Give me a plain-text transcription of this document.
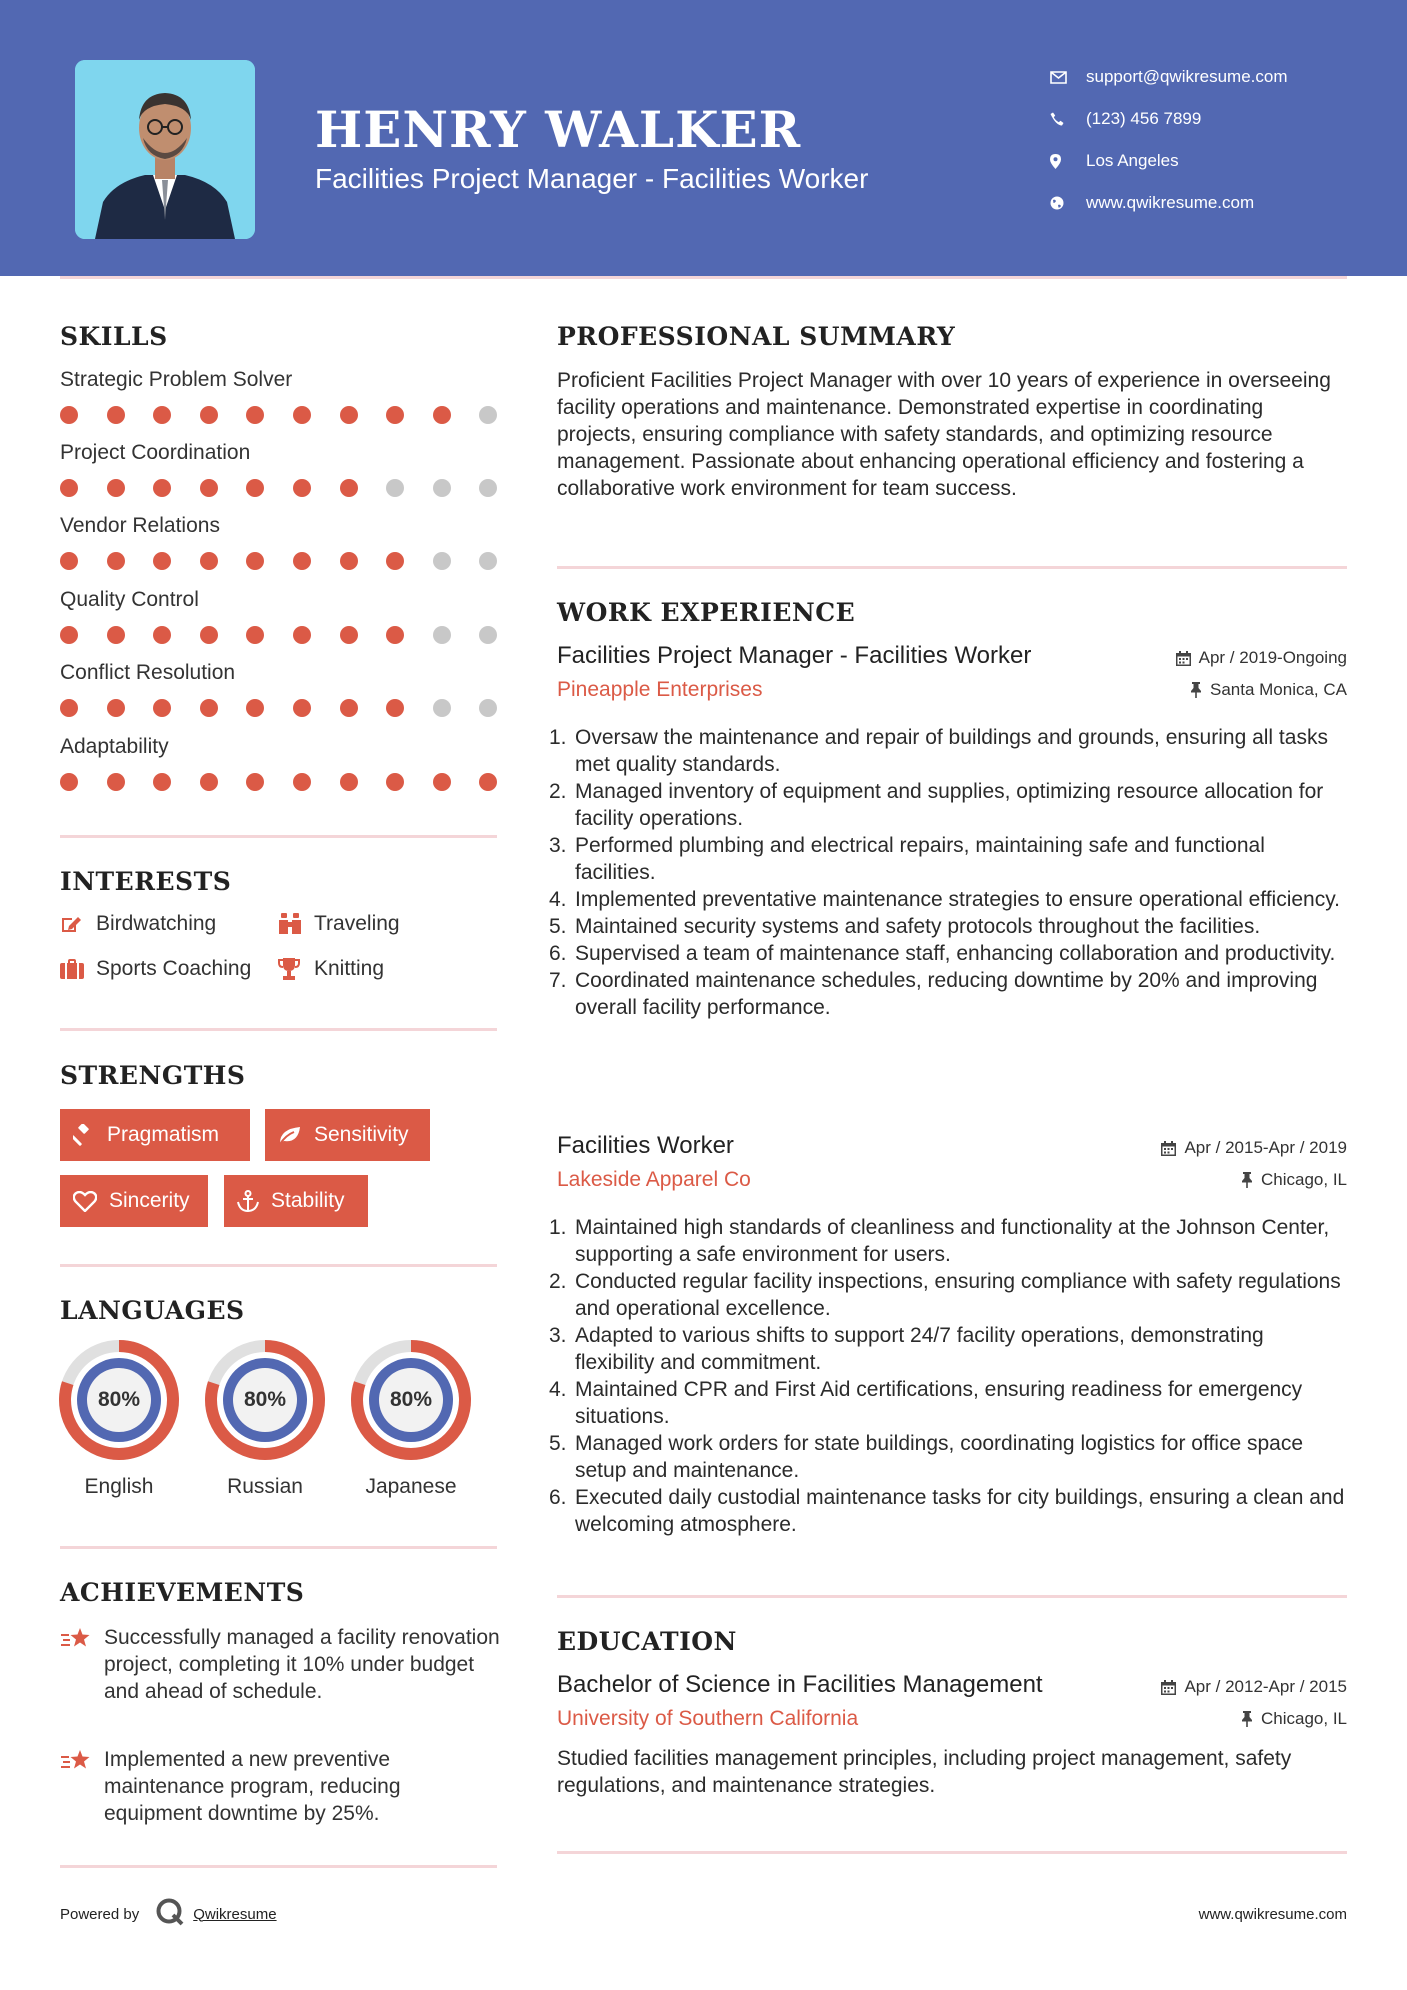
HENRY WALKER
Facilities Project Manager - Facilities Worker
support@qwikresume.com
(123) 456 7899
Los Angeles
www.qwikresume.com
SKILLS
Strategic Problem Solver
Project Coordination
Vendor Relations
Quality Control
Conflict Resolution
Adaptability
INTERESTS
Birdwatching	Traveling
Sports Coaching	Knitting
STRENGTHS
Pragmatism	Sensitivity
Sincerity	Stability
LANGUAGES
80%
English
80%
Russian
80%
Japanese
ACHIEVEMENTS
Successfully managed a facility renovation project, completing it 10% under budget and ahead of schedule.
Implemented a new preventive maintenance program, reducing equipment downtime by 25%.
PROFESSIONAL SUMMARY
Proficient Facilities Project Manager with over 10 years of experience in overseeing facility operations and maintenance. Demonstrated expertise in coordinating projects, ensuring compliance with safety standards, and optimizing resource management. Passionate about enhancing operational efficiency and fostering a collaborative work environment for team success.
WORK EXPERIENCE
Facilities Project Manager - Facilities Worker
Pineapple Enterprises
Apr / 2019-Ongoing
Santa Monica, CA
1. Oversaw the maintenance and repair of buildings and grounds, ensuring all tasks met quality standards.
2. Managed inventory of equipment and supplies, optimizing resource allocation for facility operations.
3. Performed plumbing and electrical repairs, maintaining safe and functional facilities.
4. Implemented preventative maintenance strategies to ensure operational efficiency.
5. Maintained security systems and safety protocols throughout the facilities.
6. Supervised a team of maintenance staff, enhancing collaboration and productivity.
7. Coordinated maintenance schedules, reducing downtime by 20% and improving overall facility performance.
Facilities Worker
Lakeside Apparel Co
Apr / 2015-Apr / 2019
Chicago, IL
1. Maintained high standards of cleanliness and functionality at the Johnson Center, supporting a safe environment for users.
2. Conducted regular facility inspections, ensuring compliance with safety regulations and operational excellence.
3. Adapted to various shifts to support 24/7 facility operations, demonstrating flexibility and commitment.
4. Maintained CPR and First Aid certifications, ensuring readiness for emergency situations.
5. Managed work orders for state buildings, coordinating logistics for office space setup and maintenance.
6. Executed daily custodial maintenance tasks for city buildings, ensuring a clean and welcoming atmosphere.
EDUCATION
Bachelor of Science in Facilities Management
University of Southern California
Apr / 2012-Apr / 2015
Chicago, IL
Studied facilities management principles, including project management, safety regulations, and maintenance strategies.
Powered by	Qwikresume	www.qwikresume.com
